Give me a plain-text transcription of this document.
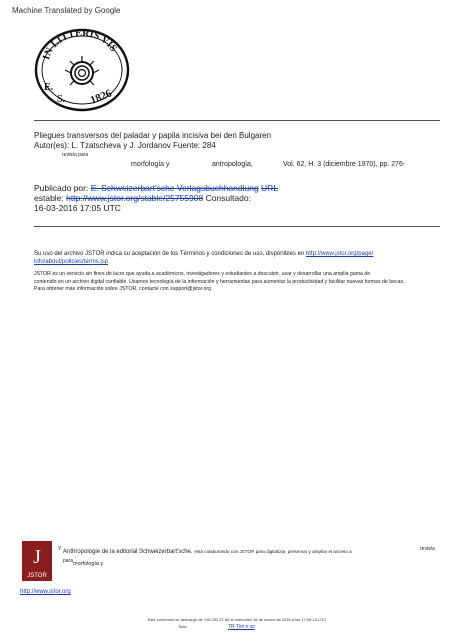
Machine Translated by Google
IN LITTERIS VIS
E.
S. 1826
Pliegues transversos del paladar y papila incisiva bei den Bulgaren
Autor(es): L. Tzatscheva y J. Jordanov Fuente: 284
revista para
morfología y	antropología,	Vol. 62, H. 3 (diciembre 1970), pp. 276-
Publicado por: E. Schweizerbart'sche Verlagsbuchhandlung URL
estable: http://www.jstor.org/stable/25755908 Consultado:
16-03-2016 17:05 UTC
Su uso del archivo JSTOR indica su aceptación de los Términos y condiciones de uso, disponibles en http://www.jstor.org/page/
info/about/policies/terms.jsp
JSTOR es un servicio sin fines de lucro que ayuda a académicos, investigadores y estudiantes a descubrir, usar y desarrollar una amplia gama de
contenido en un archivo digital confiable. Usamos tecnología de la información y herramientas para aumentar la productividad y facilitar nuevas formas de becas.
Para obtener más información sobre JSTOR, contacte con support@jstor.org.
J
JSTOR
Y Anthropologie de la editorial Schweizerbart'sche. está colaborando con JSTOR para digitalizar, preservar y ampliar el acceso a	revista
para morfología y
http://www.jstor.org
Este contenido se descargó de 128.252.67.66 el miércoles 16 de marzo de 2016 a las 17:05:13 UTC
Todo	TR Tim n so
